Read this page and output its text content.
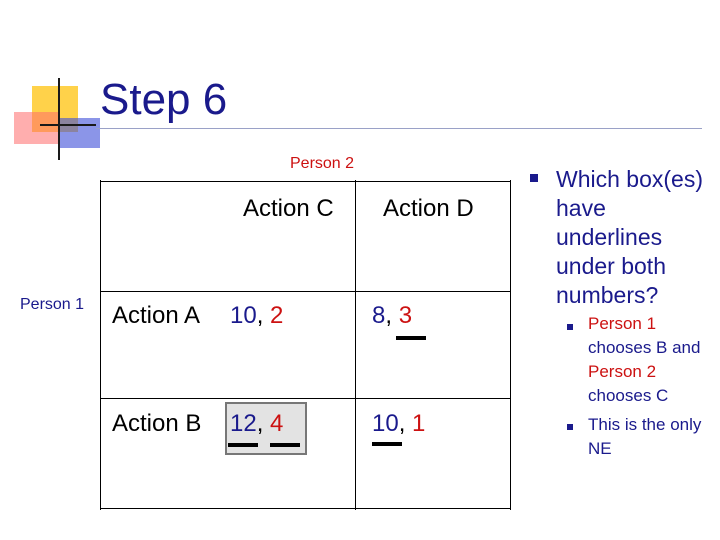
Step 6
Person 2
Person 1
Action C Action D
Action A
Action B
10, 2	8, 3
12, 4	10, 1
Which box(es) have underlines under both numbers?
Person 1 chooses B and Person 2 chooses C
This is the only NE
